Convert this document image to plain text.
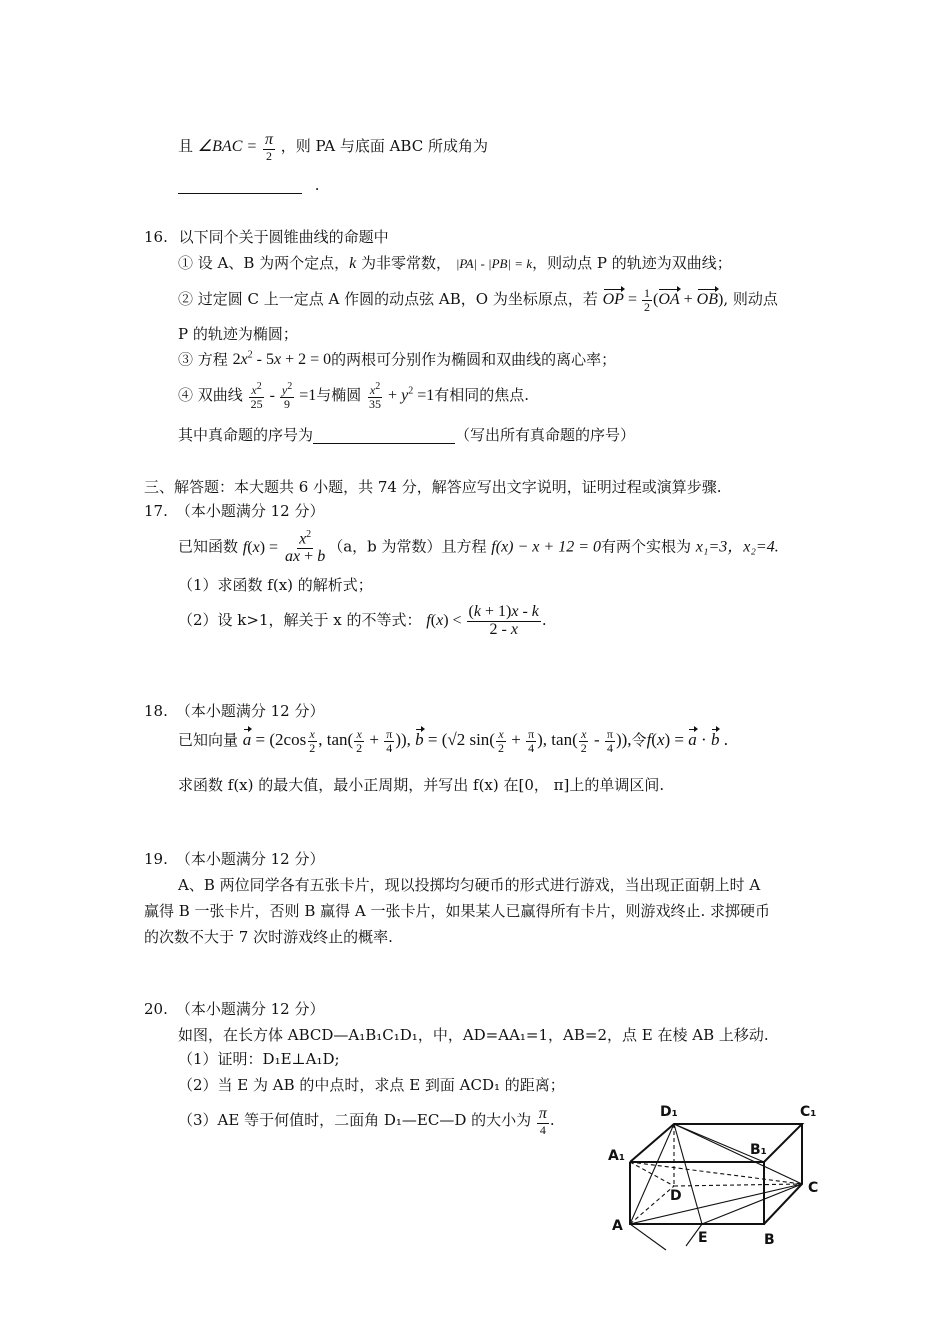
且 ∠BAC = $\frac{\pi}{2}$ ，则 PA 与底面 ABC 所成角为
.
16. 以下同个关于圆锥曲线的命题中
① 设 A、B 为两个定点，k 为非零常数， |PA| - |PB| = k，则动点 P 的轨迹为双曲线；
② 过定圆 C 上一定点 A 作圆的动点弦 AB，O 为坐标原点，若 OP = $\frac{1}{2} (OA + OB)$, 则动点
P 的轨迹为椭圆；
③ 方程 $2x^2 - 5x + 2 = 0$的两根可分别作为椭圆和双曲线的离心率；
④ 双曲线 $\frac{x^2}{25} - \frac{y^2}{9} =1$与椭圆 $\frac{x^2}{35} + y^2 =1$有相同的焦点.
其中真命题的序号为	（写出所有真命题的序号）
三、解答题：本大题共 6 小题，共 74 分，解答应写出文字说明，证明过程或演算步骤.
17. （本小题满分 12 分）
已知函数 $f(x) = \frac{x^2}{ax + b} (a$，b 为常数）且方程 f(x) − x + 12 = 0有两个实根为 x₁=3，x₂=4.
（1）求函数 f(x) 的解析式；
（2）设 k>1，解关于 x 的不等式： $f(x) < \frac{(k + 1)x - k}{2 - x}$ .
18. （本小题满分 12 分）
已知向量 $a = (2\cos \frac{x}{2}$ , $\tan( \frac{x}{2} + \frac{\pi}{4}$ )), b = (√2 $\sin( \frac{x}{2} + \frac{\pi}{4}$ ), $\tan( \frac{x}{2} - \frac{\pi}{4}$ )),令f(x) = a · b .
求函数 f(x) 的最大值，最小正周期，并写出 f(x) 在[0， π]上的单调区间.
19. （本小题满分 12 分）
A、B 两位同学各有五张卡片，现以投掷均匀硬币的形式进行游戏，当出现正面朝上时 A
赢得 B 一张卡片，否则 B 赢得 A 一张卡片，如果某人已赢得所有卡片，则游戏终止. 求掷硬币
的次数不大于 7 次时游戏终止的概率.
20. （本小题满分 12 分）
如图，在长方体 ABCD—A₁B₁C₁D₁，中，AD=AA₁=1，AB=2，点 E 在棱 AB 上移动.
（1）证明：D₁E⊥A₁D;
（2）当 E 为 AB 的中点时，求点 E 到面 ACD₁ 的距离；
（3）AE 等于何值时，二面角 D₁—EC—D 的大小为 $\frac{\pi}{4}$ .	D₁	C₁
B₁
A₁
D	C
A
E	B
